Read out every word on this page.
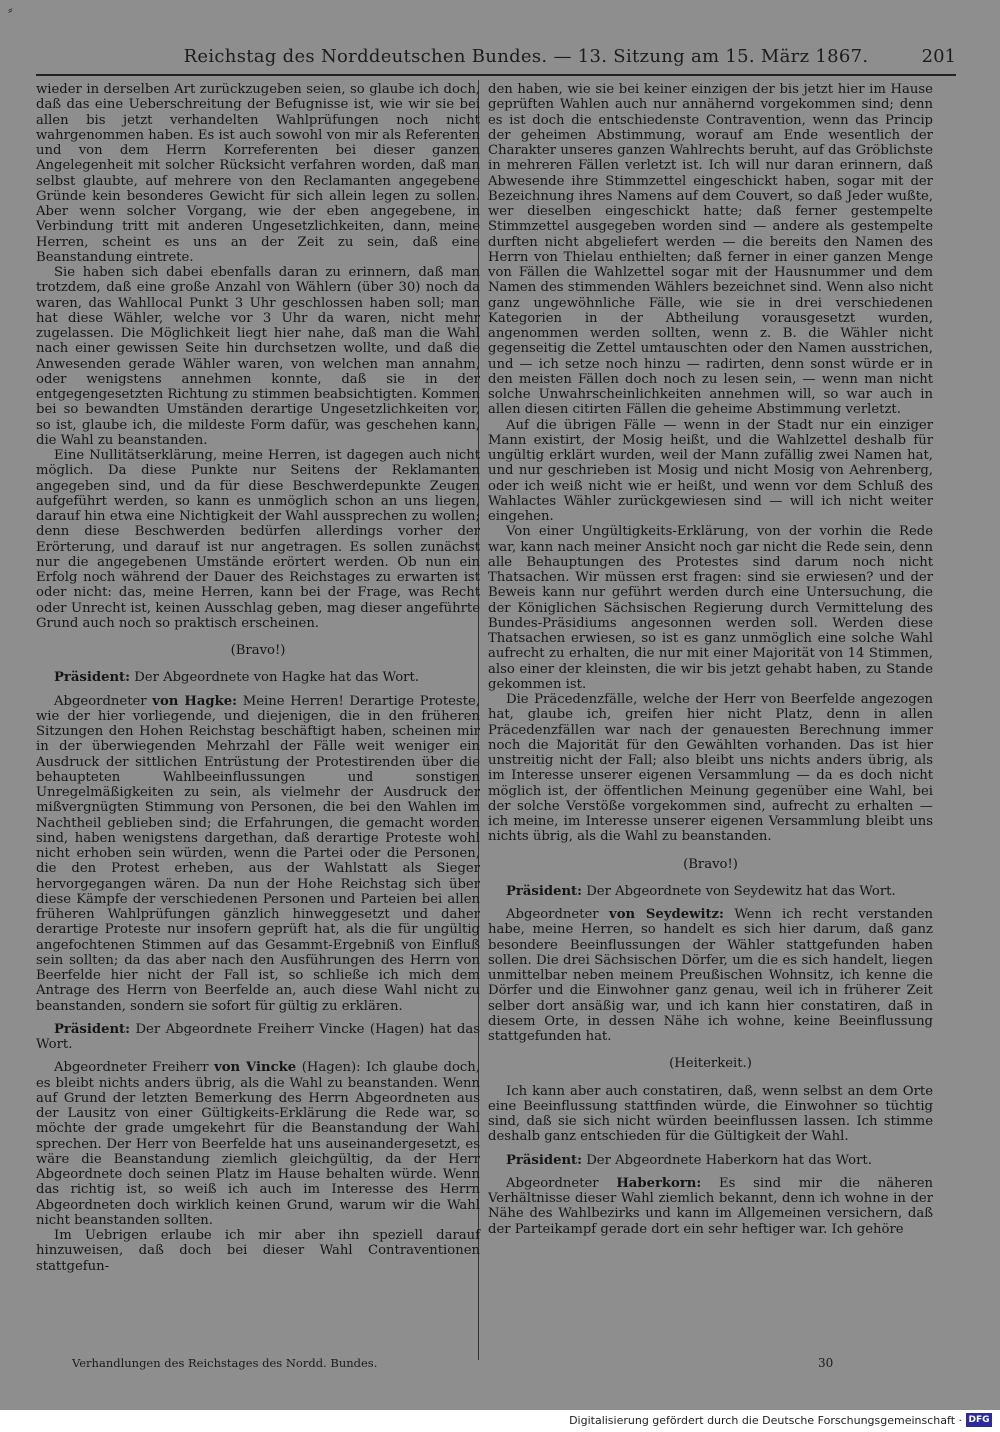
⸗
Reichstag des Norddeutschen Bundes. — 13. Sitzung am 15. März 1867.	201

wieder in derselben Art zurückzugeben seien, so glaube ich doch, daß das eine Ueberschreitung der Befugnisse ist, wie wir sie bei allen bis jetzt verhandelten Wahlprüfungen noch nicht wahrgenommen haben. Es ist auch sowohl von mir als Referenten und von dem Herrn Korreferenten bei dieser ganzen Angelegenheit mit solcher Rücksicht verfahren worden, daß man selbst glaubte, auf mehrere von den Reclamanten angegebene Gründe kein besonderes Gewicht für sich allein legen zu sollen. Aber wenn solcher Vorgang, wie der eben angegebene, in Verbindung tritt mit anderen Ungesetzlichkeiten, dann, meine Herren, scheint es uns an der Zeit zu sein, daß eine Beanstandung eintrete.

Sie haben sich dabei ebenfalls daran zu erinnern, daß man trotzdem, daß eine große Anzahl von Wählern (über 30) noch da waren, das Wahllocal Punkt 3 Uhr geschlossen haben soll; man hat diese Wähler, welche vor 3 Uhr da waren, nicht mehr zugelassen. Die Möglichkeit liegt hier nahe, daß man die Wahl nach einer gewissen Seite hin durchsetzen wollte, und daß die Anwesenden gerade Wähler waren, von welchen man annahm, oder wenigstens annehmen konnte, daß sie in der entgegengesetzten Richtung zu stimmen beabsichtigten. Kommen bei so bewandten Umständen derartige Ungesetzlichkeiten vor, so ist, glaube ich, die mildeste Form dafür, was geschehen kann, die Wahl zu beanstanden.

Eine Nullitätserklärung, meine Herren, ist dagegen auch nicht möglich. Da diese Punkte nur Seitens der Reklamanten angegeben sind, und da für diese Beschwerdepunkte Zeugen aufgeführt werden, so kann es unmöglich schon an uns liegen, darauf hin etwa eine Nichtigkeit der Wahl aussprechen zu wollen; denn diese Beschwerden bedürfen allerdings vorher der Erörterung, und darauf ist nur angetragen. Es sollen zunächst nur die angegebenen Umstände erörtert werden. Ob nun ein Erfolg noch während der Dauer des Reichstages zu erwarten ist oder nicht: das, meine Herren, kann bei der Frage, was Recht oder Unrecht ist, keinen Ausschlag geben, mag dieser angeführte Grund auch noch so praktisch erscheinen.

(Bravo!)

Präsident: Der Abgeordnete von Hagke hat das Wort.

Abgeordneter von Hagke: Meine Herren! Derartige Proteste, wie der hier vorliegende, und diejenigen, die in den früheren Sitzungen den Hohen Reichstag beschäftigt haben, scheinen mir in der überwiegenden Mehrzahl der Fälle weit weniger ein Ausdruck der sittlichen Entrüstung der Protestirenden über die behaupteten Wahlbeeinflussungen und sonstigen Unregelmäßigkeiten zu sein, als vielmehr der Ausdruck der mißvergnügten Stimmung von Personen, die bei den Wahlen im Nachtheil geblieben sind; die Erfahrungen, die gemacht worden sind, haben wenigstens dargethan, daß derartige Proteste wohl nicht erhoben sein würden, wenn die Partei oder die Personen, die den Protest erheben, aus der Wahlstatt als Sieger hervorgegangen wären. Da nun der Hohe Reichstag sich über diese Kämpfe der verschiedenen Personen und Parteien bei allen früheren Wahlprüfungen gänzlich hinweggesetzt und daher derartige Proteste nur insofern geprüft hat, als die für ungültig angefochtenen Stimmen auf das Gesammt-Ergebniß von Einfluß sein sollten; da das aber nach den Ausführungen des Herrn von Beerfelde hier nicht der Fall ist, so schließe ich mich dem Antrage des Herrn von Beerfelde an, auch diese Wahl nicht zu beanstanden, sondern sie sofort für gültig zu erklären.

Präsident: Der Abgeordnete Freiherr Vincke (Hagen) hat das Wort.

Abgeordneter Freiherr von Vincke (Hagen): Ich glaube doch, es bleibt nichts anders übrig, als die Wahl zu beanstanden. Wenn auf Grund der letzten Bemerkung des Herrn Abgeordneten aus der Lausitz von einer Gültigkeits-Erklärung die Rede war, so möchte der grade umgekehrt für die Beanstandung der Wahl sprechen. Der Herr von Beerfelde hat uns auseinandergesetzt, es wäre die Beanstandung ziemlich gleichgültig, da der Herr Abgeordnete doch seinen Platz im Hause behalten würde. Wenn das richtig ist, so weiß ich auch im Interesse des Herrn Abgeordneten doch wirklich keinen Grund, warum wir die Wahl nicht beanstanden sollten.

Im Uebrigen erlaube ich mir aber ihn speziell darauf hinzuweisen, daß doch bei dieser Wahl Contraventionen stattgefun-

den haben, wie sie bei keiner einzigen der bis jetzt hier im Hause geprüften Wahlen auch nur annähernd vorgekommen sind; denn es ist doch die entschiedenste Contravention, wenn das Princip der geheimen Abstimmung, worauf am Ende wesentlich der Charakter unseres ganzen Wahlrechts beruht, auf das Gröblichste in mehreren Fällen verletzt ist. Ich will nur daran erinnern, daß Abwesende ihre Stimmzettel eingeschickt haben, sogar mit der Bezeichnung ihres Namens auf dem Couvert, so daß Jeder wußte, wer dieselben eingeschickt hatte; daß ferner gestempelte Stimmzettel ausgegeben worden sind — andere als gestempelte durften nicht abgeliefert werden — die bereits den Namen des Herrn von Thielau enthielten; daß ferner in einer ganzen Menge von Fällen die Wahlzettel sogar mit der Hausnummer und dem Namen des stimmenden Wählers bezeichnet sind. Wenn also nicht ganz ungewöhnliche Fälle, wie sie in drei verschiedenen Kategorien in der Abtheilung vorausgesetzt wurden, angenommen werden sollten, wenn z. B. die Wähler nicht gegenseitig die Zettel umtauschten oder den Namen ausstrichen, und — ich setze noch hinzu — radirten, denn sonst würde er in den meisten Fällen doch noch zu lesen sein, — wenn man nicht solche Unwahrscheinlichkeiten annehmen will, so war auch in allen diesen citirten Fällen die geheime Abstimmung verletzt.

Auf die übrigen Fälle — wenn in der Stadt nur ein einziger Mann existirt, der Mosig heißt, und die Wahlzettel deshalb für ungültig erklärt wurden, weil der Mann zufällig zwei Namen hat, und nur geschrieben ist Mosig und nicht Mosig von Aehrenberg, oder ich weiß nicht wie er heißt, und wenn vor dem Schluß des Wahlactes Wähler zurückgewiesen sind — will ich nicht weiter eingehen.

Von einer Ungültigkeits-Erklärung, von der vorhin die Rede war, kann nach meiner Ansicht noch gar nicht die Rede sein, denn alle Behauptungen des Protestes sind darum noch nicht Thatsachen. Wir müssen erst fragen: sind sie erwiesen? und der Beweis kann nur geführt werden durch eine Untersuchung, die der Königlichen Sächsischen Regierung durch Vermittelung des Bundes-Präsidiums angesonnen werden soll. Werden diese Thatsachen erwiesen, so ist es ganz unmöglich eine solche Wahl aufrecht zu erhalten, die nur mit einer Majorität von 14 Stimmen, also einer der kleinsten, die wir bis jetzt gehabt haben, zu Stande gekommen ist.

Die Präcedenzfälle, welche der Herr von Beerfelde angezogen hat, glaube ich, greifen hier nicht Platz, denn in allen Präcedenzfällen war nach der genauesten Berechnung immer noch die Majorität für den Gewählten vorhanden. Das ist hier unstreitig nicht der Fall; also bleibt uns nichts anders übrig, als im Interesse unserer eigenen Versammlung — da es doch nicht möglich ist, der öffentlichen Meinung gegenüber eine Wahl, bei der solche Verstöße vorgekommen sind, aufrecht zu erhalten — ich meine, im Interesse unserer eigenen Versammlung bleibt uns nichts übrig, als die Wahl zu beanstanden.

(Bravo!)

Präsident: Der Abgeordnete von Seydewitz hat das Wort.

Abgeordneter von Seydewitz: Wenn ich recht verstanden habe, meine Herren, so handelt es sich hier darum, daß ganz besondere Beeinflussungen der Wähler stattgefunden haben sollen. Die drei Sächsischen Dörfer, um die es sich handelt, liegen unmittelbar neben meinem Preußischen Wohnsitz, ich kenne die Dörfer und die Einwohner ganz genau, weil ich in früherer Zeit selber dort ansäßig war, und ich kann hier constatiren, daß in diesem Orte, in dessen Nähe ich wohne, keine Beeinflussung stattgefunden hat.

(Heiterkeit.)

Ich kann aber auch constatiren, daß, wenn selbst an dem Orte eine Beeinflussung stattfinden würde, die Einwohner so tüchtig sind, daß sie sich nicht würden beeinflussen lassen. Ich stimme deshalb ganz entschieden für die Gültigkeit der Wahl.

Präsident: Der Abgeordnete Haberkorn hat das Wort.

Abgeordneter Haberkorn: Es sind mir die näheren Verhältnisse dieser Wahl ziemlich bekannt, denn ich wohne in der Nähe des Wahlbezirks und kann im Allgemeinen versichern, daß der Parteikampf gerade dort ein sehr heftiger war. Ich gehöre

Verhandlungen des Reichstages des Nordd. Bundes.	30
Digitalisierung gefördert durch die Deutsche Forschungsgemeinschaft · DFG
